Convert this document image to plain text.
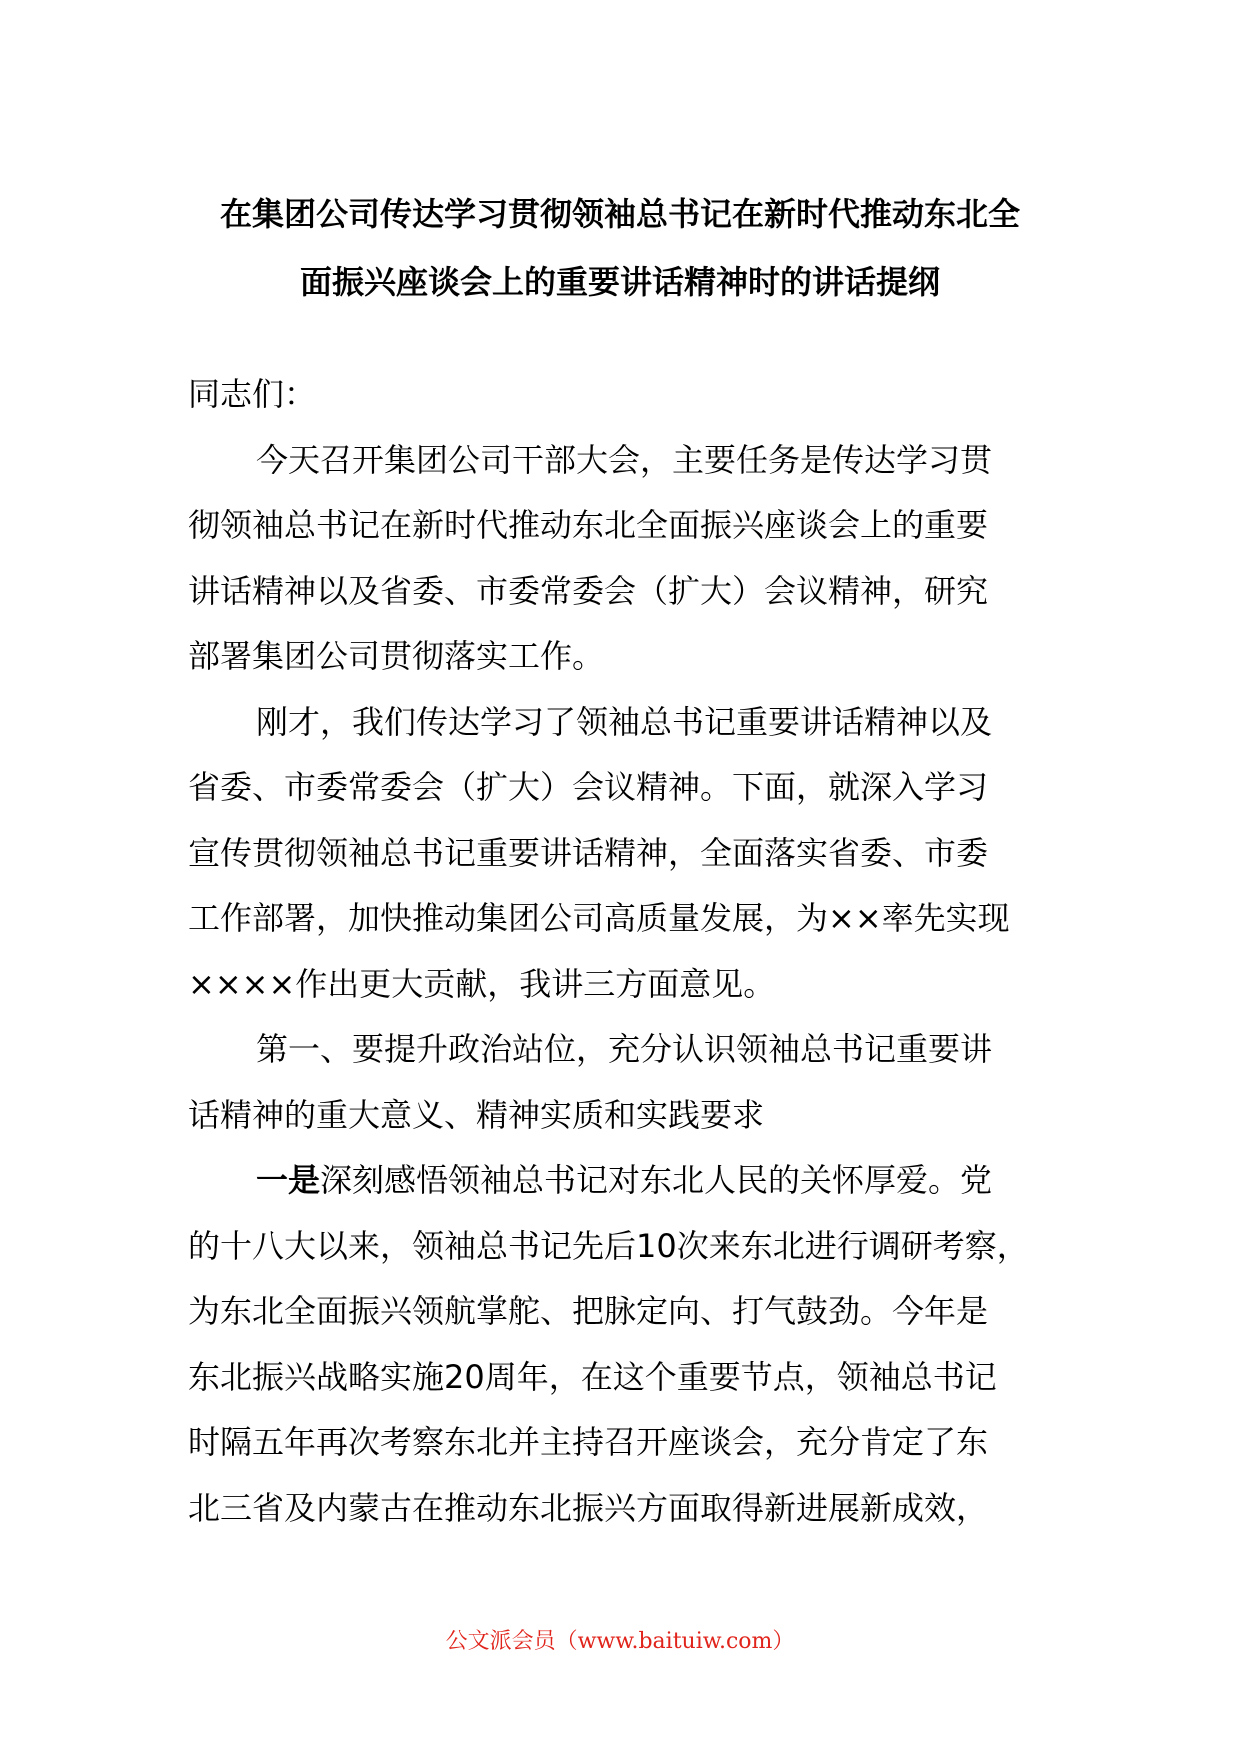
在集团公司传达学习贯彻领袖总书记在新时代推动东北全
面振兴座谈会上的重要讲话精神时的讲话提纲
同志们：
今天召开集团公司干部大会，主要任务是传达学习贯
彻领袖总书记在新时代推动东北全面振兴座谈会上的重要
讲话精神以及省委、市委常委会（扩大）会议精神，研究
部署集团公司贯彻落实工作。
刚才，我们传达学习了领袖总书记重要讲话精神以及
省委、市委常委会（扩大）会议精神。下面，就深入学习
宣传贯彻领袖总书记重要讲话精神，全面落实省委、市委
工作部署，加快推动集团公司高质量发展，为××率先实现
××××作出更大贡献，我讲三方面意见。
第一、要提升政治站位，充分认识领袖总书记重要讲
话精神的重大意义、精神实质和实践要求
一是深刻感悟领袖总书记对东北人民的关怀厚爱。党
的十八大以来，领袖总书记先后10次来东北进行调研考察，
为东北全面振兴领航掌舵、把脉定向、打气鼓劲。今年是
东北振兴战略实施20周年，在这个重要节点，领袖总书记
时隔五年再次考察东北并主持召开座谈会，充分肯定了东
北三省及内蒙古在推动东北振兴方面取得新进展新成效，
公文派会员（www.baituiw.com）
